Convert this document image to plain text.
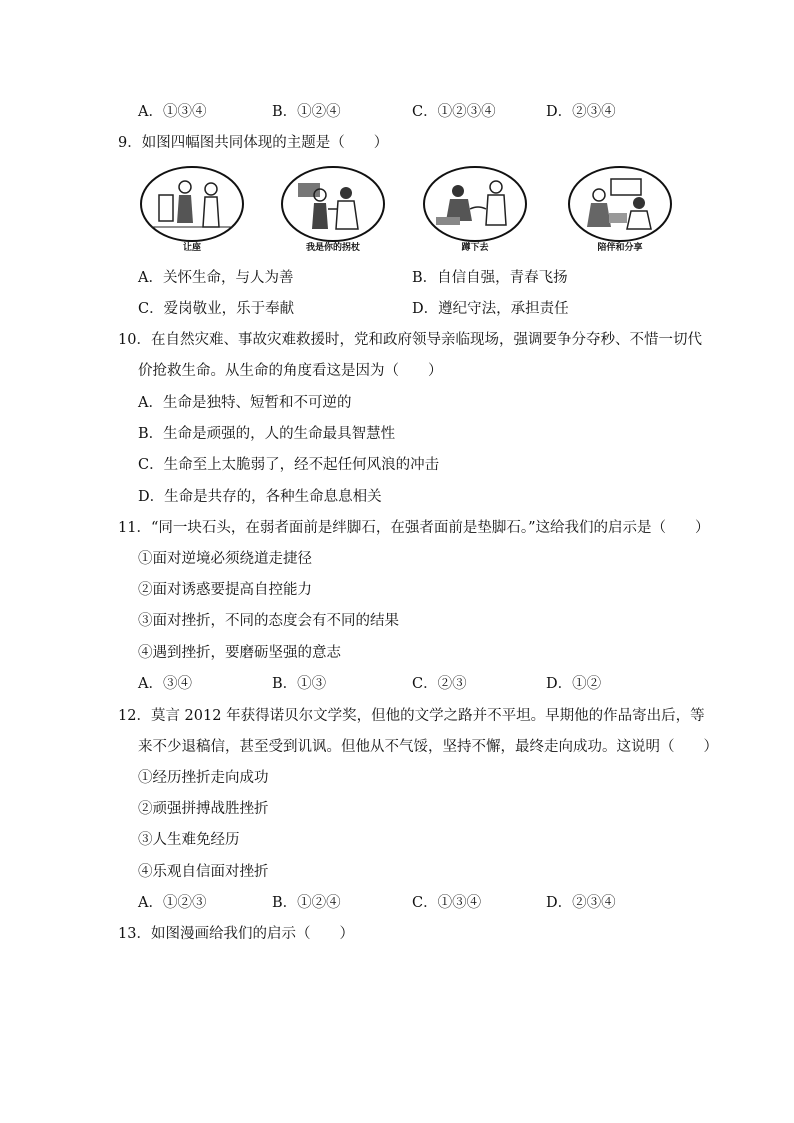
A．①③④	B．①②④	C．①②③④	D．②③④
9．如图四幅图共同体现的主题是（　　）
让座	我是你的拐杖	蹲下去	陪伴和分享
A．关怀生命，与人为善	B．自信自强，青春飞扬
C．爱岗敬业，乐于奉献	D．遵纪守法，承担责任
10．在自然灾难、事故灾难救援时，党和政府领导亲临现场，强调要争分夺秒、不惜一切代
价抢救生命。从生命的角度看这是因为（　　）
A．生命是独特、短暂和不可逆的
B．生命是顽强的，人的生命最具智慧性
C．生命至上太脆弱了，经不起任何风浪的冲击
D．生命是共存的，各种生命息息相关
11．“同一块石头，在弱者面前是绊脚石，在强者面前是垫脚石。”这给我们的启示是（　　）
①面对逆境必须绕道走捷径
②面对诱惑要提高自控能力
③面对挫折，不同的态度会有不同的结果
④遇到挫折，要磨砺坚强的意志
A．③④	B．①③	C．②③	D．①②
12．莫言 2012 年获得诺贝尔文学奖，但他的文学之路并不平坦。早期他的作品寄出后，等
来不少退稿信，甚至受到讥讽。但他从不气馁，坚持不懈，最终走向成功。这说明（　　）
①经历挫折走向成功
②顽强拼搏战胜挫折
③人生难免经历
④乐观自信面对挫折
A．①②③	B．①②④	C．①③④	D．②③④
13．如图漫画给我们的启示（　　）
